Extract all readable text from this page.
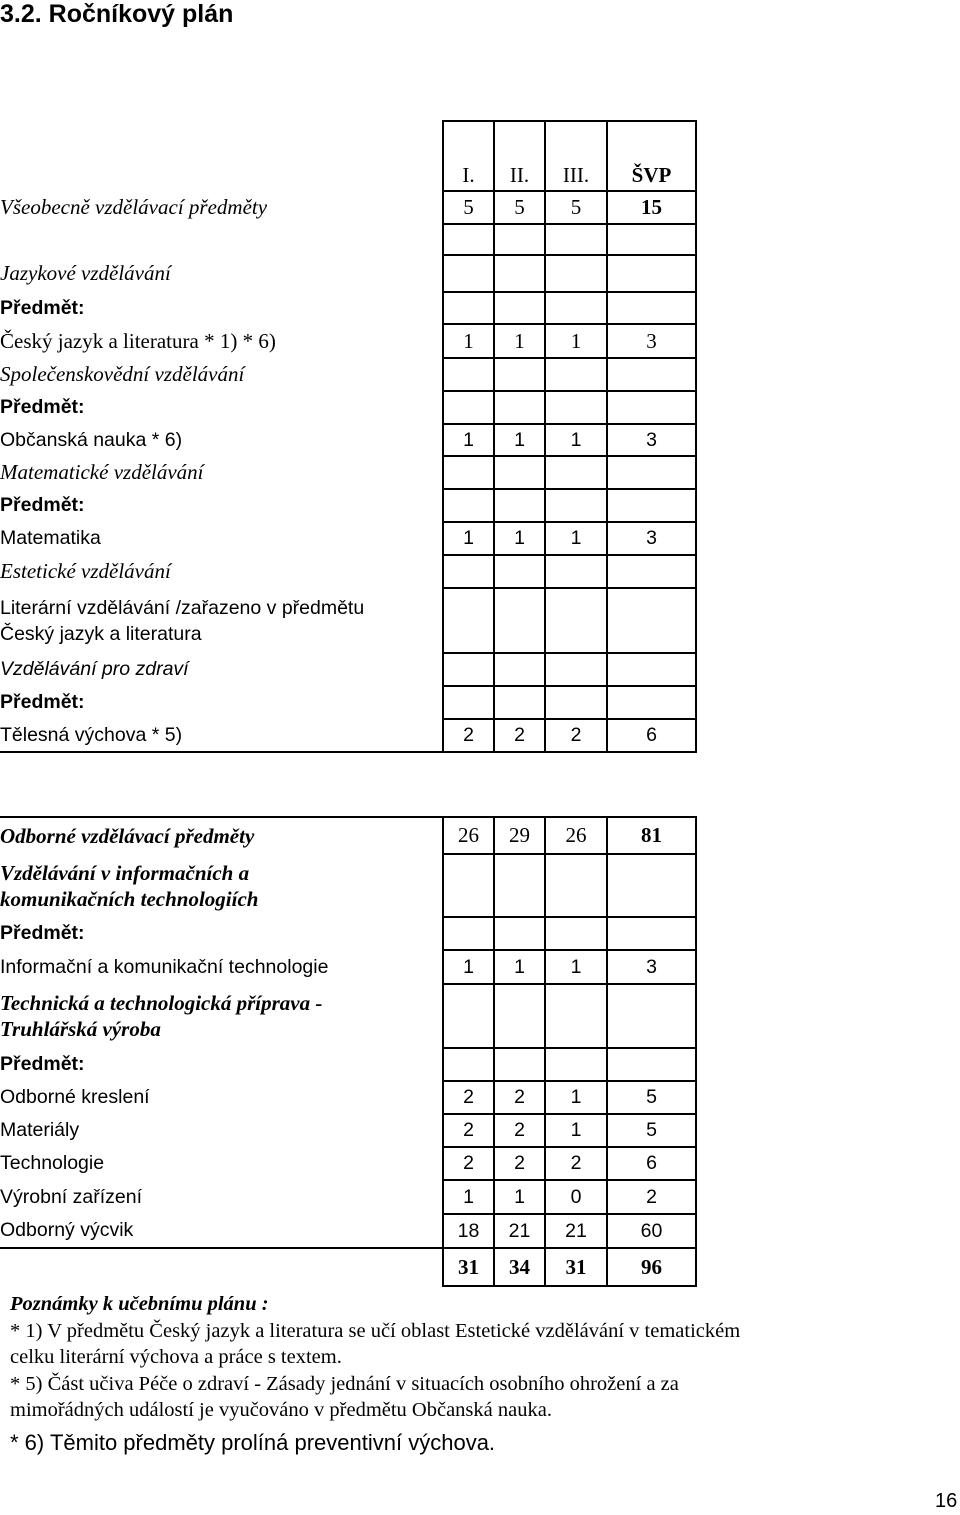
3.2. Ročníkový plán
	I.	II.	III.	ŠVP
Všeobecně vzdělávací předměty	5	5	5	15

Jazykové vzdělávání				
Předmět:				
Český jazyk a literatura * 1) * 6)	1	1	1	3
Společenskovědní vzdělávání				
Předmět:				
Občanská nauka * 6)	1	1	1	3
Matematické vzdělávání				
Předmět:				
Matematika	1	1	1	3
Estetické vzdělávání				
Literární vzdělávání /zařazeno v předmětu
Český jazyk a literatura				
Vzdělávání pro zdraví				
Předmět:				
Tělesná výchova * 5)	2	2	2	6
Odborné vzdělávací předměty	26	29	26	81
Vzdělávání v informačních a
komunikačních technologiích				
Předmět:				
Informační a komunikační technologie	1	1	1	3
Technická a technologická příprava -
Truhlářská výroba				
Předmět:				
Odborné kreslení	2	2	1	5
Materiály	2	2	1	5
Technologie	2	2	2	6
Výrobní zařízení	1	1	0	2
Odborný výcvik	18	21	21	60
	31	34	31	96

Poznámky k učebnímu plánu :

* 1) V předmětu Český jazyk a literatura se učí oblast Estetické vzdělávání v tematickém

celku literární výchova a práce s textem.

* 5) Část učiva Péče o zdraví - Zásady jednání v situacích osobního ohrožení a za

mimořádných událostí je vyučováno v předmětu Občanská nauka.

* 6) Těmito předměty prolíná preventivní výchova.

16
